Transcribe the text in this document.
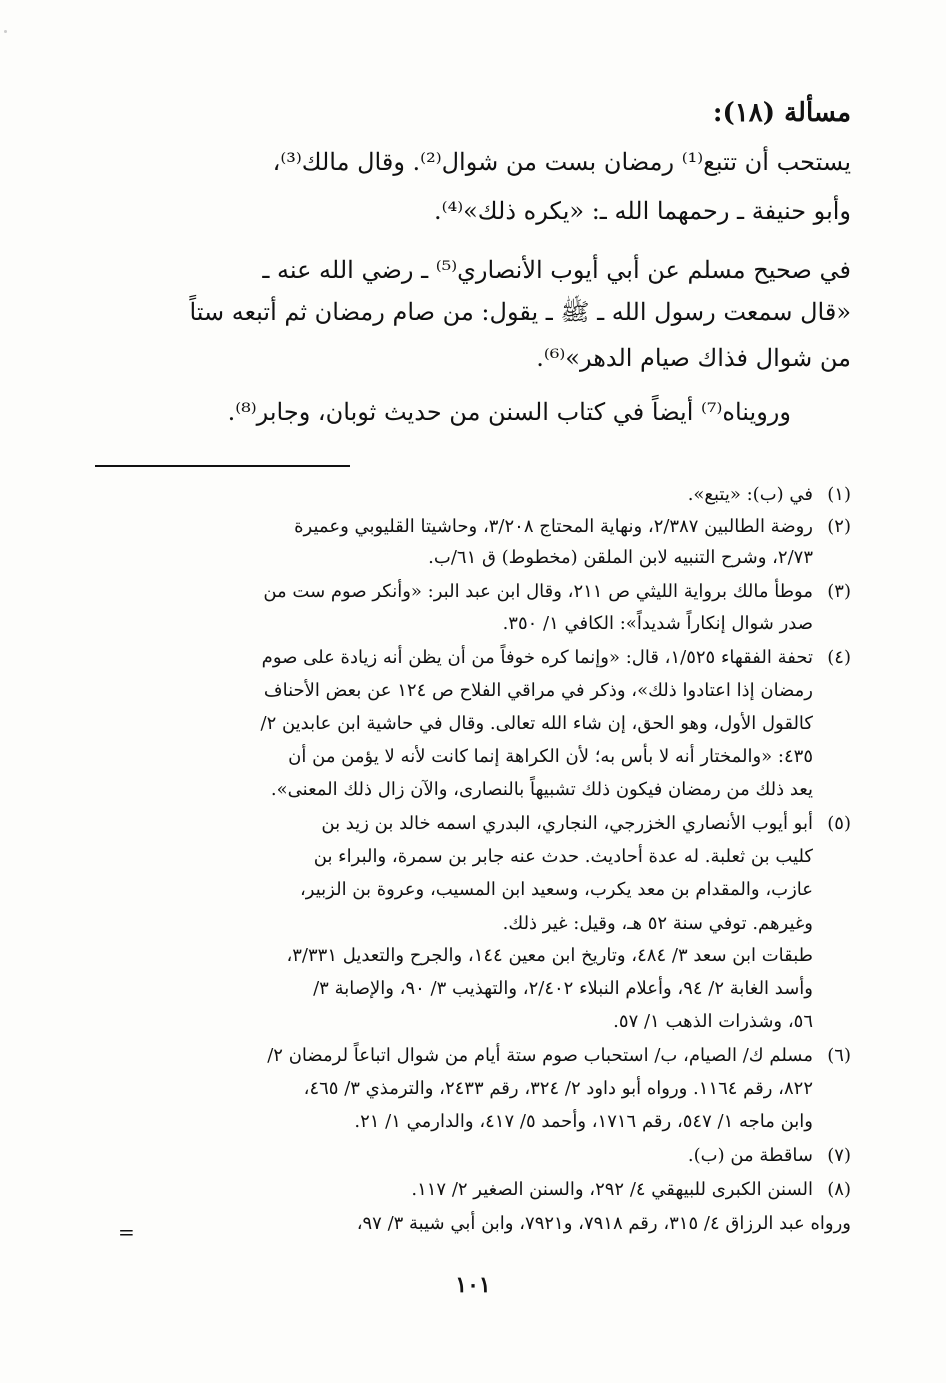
مسألة (١٨):
يستحب أن تتبع⁽¹⁾ رمضان بست من شوال⁽²⁾. وقال مالك⁽³⁾،
وأبو حنيفة ـ رحمهما الله ـ: «يكره ذلك»⁽⁴⁾.
في صحيح مسلم عن أبي أيوب الأنصاري⁽⁵⁾ ـ رضي الله عنه ـ
«قال سمعت رسول الله ـ ﷺ ـ يقول: من صام رمضان ثم أتبعه ستاً
من شوال فذاك صيام الدهر»⁽⁶⁾.
ورويناه⁽⁷⁾ أيضاً في كتاب السنن من حديث ثوبان، وجابر⁽⁸⁾.
(١)
في (ب): «يتبع».
(٢)
روضة الطالبين ٢/٣٨٧، ونهاية المحتاج ٣/٢٠٨، وحاشيتا القليوبي وعميرة
٢/٧٣، وشرح التنبيه لابن الملقن (مخطوط) ق ٦١/ب.
(٣)
موطأ مالك برواية الليثي ص ٢١١، وقال ابن عبد البر: «وأنكر صوم ست من
صدر شوال إنكاراً شديداً»: الكافي ١/ ٣٥٠.
(٤)
تحفة الفقهاء ١/٥٢٥، قال: «وإنما كره خوفاً من أن يظن أنه زيادة على صوم
رمضان إذا اعتادوا ذلك»، وذكر في مراقي الفلاح ص ١٢٤ عن بعض الأحناف
كالقول الأول، وهو الحق، إن شاء الله تعالى. وقال في حاشية ابن عابدين ٢/
٤٣٥: «والمختار أنه لا بأس به؛ لأن الكراهة إنما كانت لأنه لا يؤمن من أن
يعد ذلك من رمضان فيكون ذلك تشبيهاً بالنصارى، والآن زال ذلك المعنى».
(٥)
أبو أيوب الأنصاري الخزرجي، النجاري، البدري اسمه خالد بن زيد بن
كليب بن ثعلبة. له عدة أحاديث. حدث عنه جابر بن سمرة، والبراء بن
عازب، والمقدام بن معد يكرب، وسعيد ابن المسيب، وعروة بن الزبير،
وغيرهم. توفي سنة ٥٢ هـ، وقيل: غير ذلك.
طبقات ابن سعد ٣/ ٤٨٤، وتاريخ ابن معين ١٤٤، والجرح والتعديل ٣/٣٣١،
وأسد الغابة ٢/ ٩٤، وأعلام النبلاء ٢/٤٠٢، والتهذيب ٣/ ٩٠، والإصابة ٣/
٥٦، وشذرات الذهب ١/ ٥٧.
(٦)
مسلم ك/ الصيام، ب/ استحباب صوم ستة أيام من شوال اتباعاً لرمضان ٢/
٨٢٢، رقم ١١٦٤. ورواه أبو داود ٢/ ٣٢٤، رقم ٢٤٣٣، والترمذي ٣/ ٤٦٥،
وابن ماجه ١/ ٥٤٧، رقم ١٧١٦، وأحمد ٥/ ٤١٧، والدارمي ١/ ٢١.
(٧)
ساقطة من (ب).
(٨)
السنن الكبرى للبيهقي ٤/ ٢٩٢، والسنن الصغير ٢/ ١١٧.
ورواه عبد الرزاق ٤/ ٣١٥، رقم ٧٩١٨، و٧٩٢١، وابن أبي شيبة ٣/ ٩٧،
=
١٠١
